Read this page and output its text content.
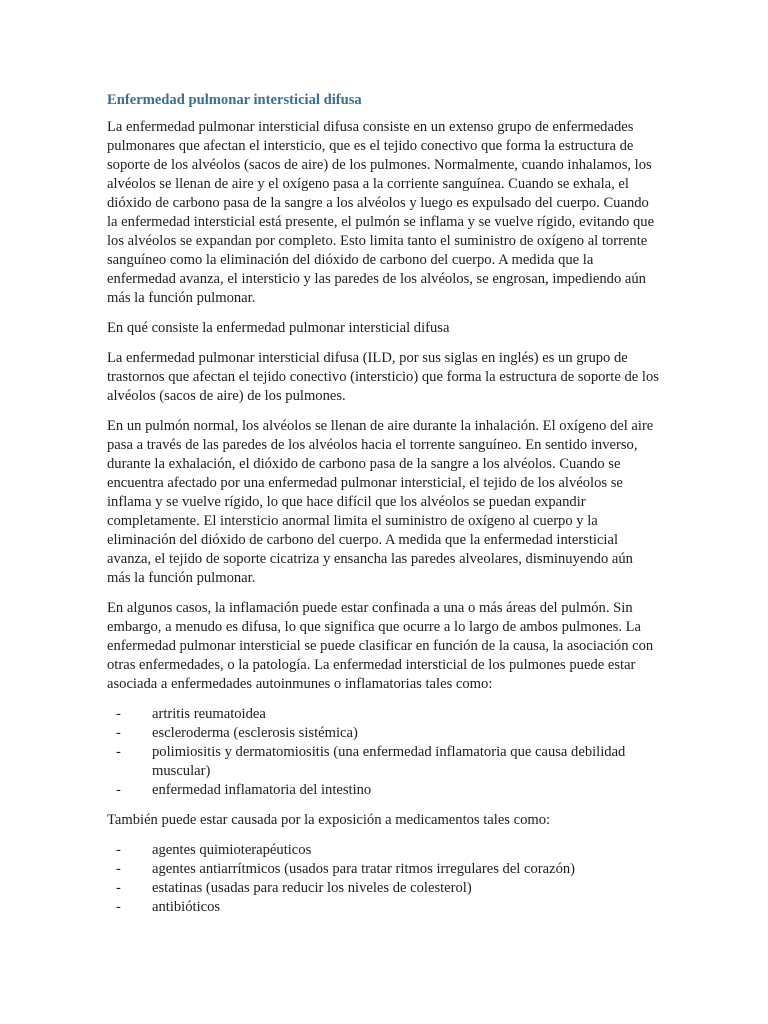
Enfermedad pulmonar intersticial difusa

La enfermedad pulmonar intersticial difusa consiste en un extenso grupo de enfermedades pulmonares que afectan el intersticio, que es el tejido conectivo que forma la estructura de soporte de los alvéolos (sacos de aire) de los pulmones. Normalmente, cuando inhalamos, los alvéolos se llenan de aire y el oxígeno pasa a la corriente sanguínea. Cuando se exhala, el dióxido de carbono pasa de la sangre a los alvéolos y luego es expulsado del cuerpo. Cuando la enfermedad intersticial está presente, el pulmón se inflama y se vuelve rígido, evitando que los alvéolos se expandan por completo. Esto limita tanto el suministro de oxígeno al torrente sanguíneo como la eliminación del dióxido de carbono del cuerpo. A medida que la enfermedad avanza, el intersticio y las paredes de los alvéolos, se engrosan, impediendo aún más la función pulmonar.

En qué consiste la enfermedad pulmonar intersticial difusa

La enfermedad pulmonar intersticial difusa (ILD, por sus siglas en inglés) es un grupo de trastornos que afectan el tejido conectivo (intersticio) que forma la estructura de soporte de los alvéolos (sacos de aire) de los pulmones.

En un pulmón normal, los alvéolos se llenan de aire durante la inhalación. El oxígeno del aire pasa a través de las paredes de los alvéolos hacia el torrente sanguíneo. En sentido inverso, durante la exhalación, el dióxido de carbono pasa de la sangre a los alvéolos. Cuando se encuentra afectado por una enfermedad pulmonar intersticial, el tejido de los alvéolos se inflama y se vuelve rígido, lo que hace difícil que los alvéolos se puedan expandir completamente. El intersticio anormal limita el suministro de oxígeno al cuerpo y la eliminación del dióxido de carbono del cuerpo. A medida que la enfermedad intersticial avanza, el tejido de soporte cicatriza y ensancha las paredes alveolares, disminuyendo aún más la función pulmonar.

En algunos casos, la inflamación puede estar confinada a una o más áreas del pulmón. Sin embargo, a menudo es difusa, lo que significa que ocurre a lo largo de ambos pulmones. La enfermedad pulmonar intersticial se puede clasificar en función de la causa, la asociación con otras enfermedades, o la patología. La enfermedad intersticial de los pulmones puede estar asociada a enfermedades autoinmunes o inflamatorias tales como:

- artritis reumatoidea
- escleroderma (esclerosis sistémica)
- polimiositis y dermatomiositis (una enfermedad inflamatoria que causa debilidad muscular)
- enfermedad inflamatoria del intestino

También puede estar causada por la exposición a medicamentos tales como:

- agentes quimioterapéuticos
- agentes antiarrítmicos (usados para tratar ritmos irregulares del corazón)
- estatinas (usadas para reducir los niveles de colesterol)
- antibióticos
